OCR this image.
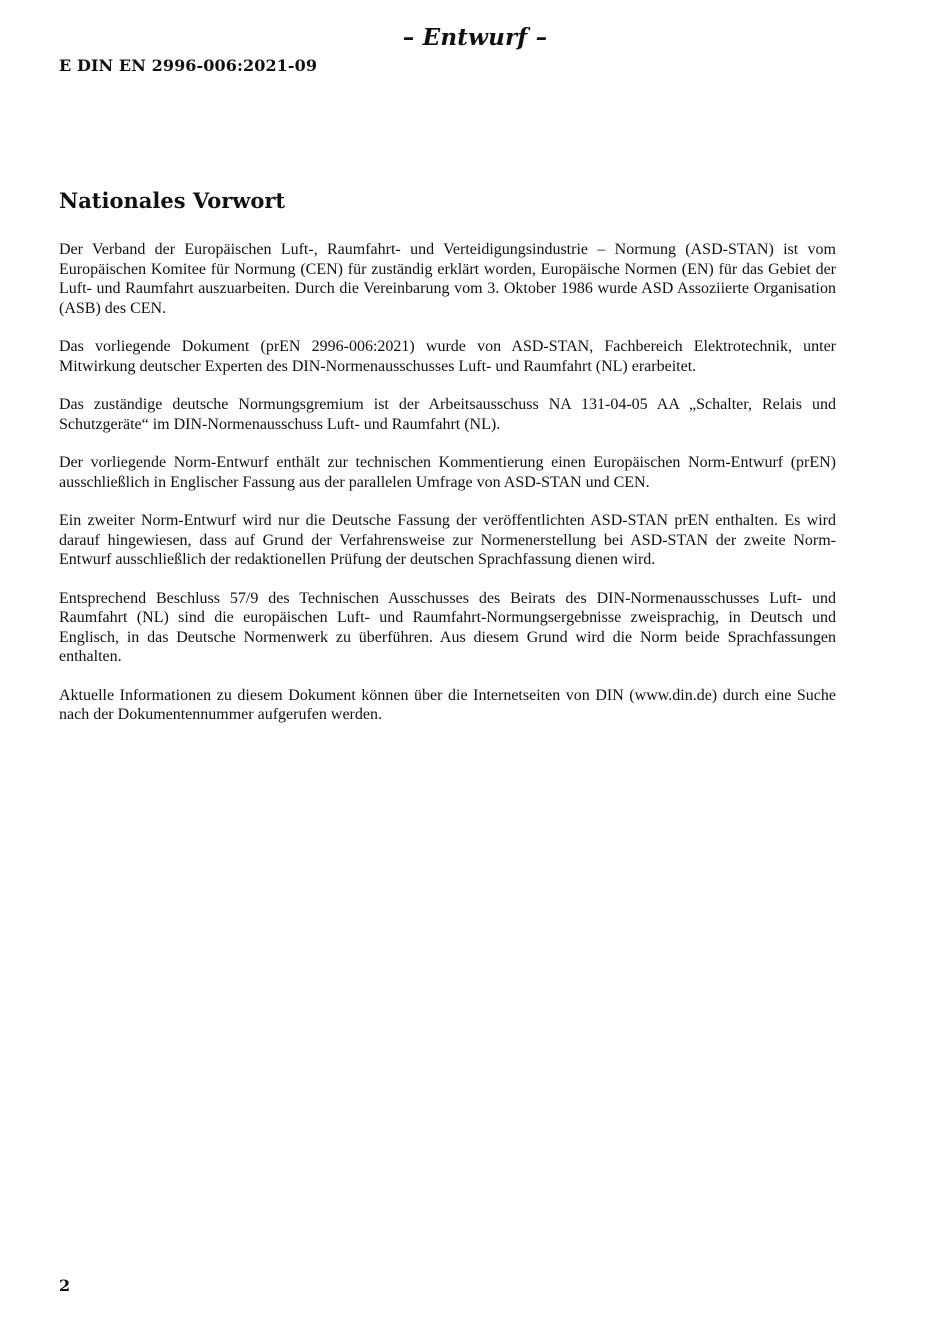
– Entwurf –
E DIN EN 2996-006:2021-09
Nationales Vorwort

Der Verband der Europäischen Luft-, Raumfahrt- und Verteidigungsindustrie – Normung (ASD-STAN) ist vom Europäischen Komitee für Normung (CEN) für zuständig erklärt worden, Europäische Normen (EN) für das Gebiet der Luft- und Raumfahrt auszuarbeiten. Durch die Vereinbarung vom 3. Oktober 1986 wurde ASD Assoziierte Organisation (ASB) des CEN.

Das vorliegende Dokument (prEN 2996-006:2021) wurde von ASD-STAN, Fachbereich Elektrotechnik, unter Mitwirkung deutscher Experten des DIN-Normenausschusses Luft- und Raumfahrt (NL) erarbeitet.

Das zuständige deutsche Normungsgremium ist der Arbeitsausschuss NA 131-04-05 AA „Schalter, Relais und Schutzgeräte“ im DIN-Normenausschuss Luft- und Raumfahrt (NL).

Der vorliegende Norm-Entwurf enthält zur technischen Kommentierung einen Europäischen Norm-Entwurf (prEN) ausschließlich in Englischer Fassung aus der parallelen Umfrage von ASD-STAN und CEN.

Ein zweiter Norm-Entwurf wird nur die Deutsche Fassung der veröffentlichten ASD-STAN prEN enthalten. Es wird darauf hingewiesen, dass auf Grund der Verfahrensweise zur Normenerstellung bei ASD-STAN der zweite Norm-Entwurf ausschließlich der redaktionellen Prüfung der deutschen Sprachfassung dienen wird.

Entsprechend Beschluss 57/9 des Technischen Ausschusses des Beirats des DIN-Normenausschusses Luft- und Raumfahrt (NL) sind die europäischen Luft- und Raumfahrt-Normungsergebnisse zweisprachig, in Deutsch und Englisch, in das Deutsche Normenwerk zu überführen. Aus diesem Grund wird die Norm beide Sprachfassungen enthalten.

Aktuelle Informationen zu diesem Dokument können über die Internetseiten von DIN (www.din.de) durch eine Suche nach der Dokumentennummer aufgerufen werden.

2
